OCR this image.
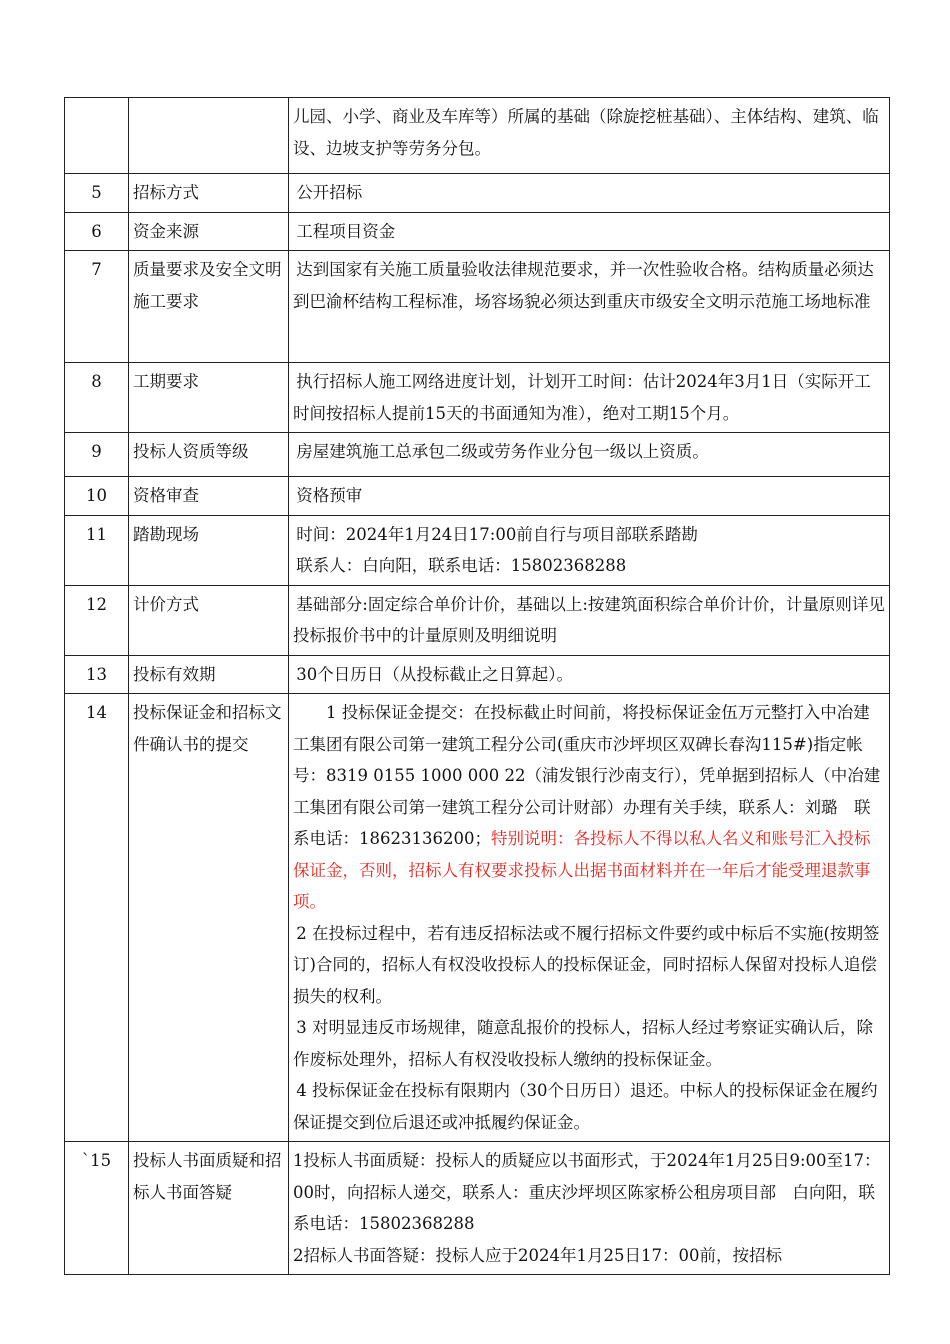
		儿园、小学、商业及车库等）所属的基础（除旋挖桩基础）、主体结构、建筑、临设、边坡支护等劳务分包。

5	招标方式	公开招标

6	资金来源	工程项目资金

7	质量要求及安全文明施工要求	达到国家有关施工质量验收法律规范要求，并一次性验收合格。结构质量必须达到巴渝杯结构工程标准，场容场貌必须达到重庆市级安全文明示范施工场地标准

8	工期要求	执行招标人施工网络进度计划，计划开工时间：估计2024年3月1日（实际开工时间按招标人提前15天的书面通知为准），绝对工期15个月。

9	投标人资质等级	房屋建筑施工总承包二级或劳务作业分包一级以上资质。

10	资格审查	资格预审

11	踏勘现场	时间：2024年1月24日17:00前自行与项目部联系踏勘

联系人：白向阳，联系电话：15802368288

12	计价方式	基础部分:固定综合单价计价，基础以上:按建筑面积综合单价计价，计量原则详见投标报价书中的计量原则及明细说明

13	投标有效期	30个日历日（从投标截止之日算起）。

14	投标保证金和招标文件确认书的提交	1 投标保证金提交：在投标截止时间前，将投标保证金伍万元整打入中冶建工集团有限公司第一建筑工程分公司(重庆市沙坪坝区双碑长春沟115#)指定帐号：8319 0155 1000 000 22（浦发银行沙南支行），凭单据到招标人（中冶建工集团有限公司第一建筑工程分公司计财部）办理有关手续，联系人：刘璐　联系电话：18623136200；特别说明：各投标人不得以私人名义和账号汇入投标保证金，否则，招标人有权要求投标人出据书面材料并在一年后才能受理退款事项。

2 在投标过程中，若有违反招标法或不履行招标文件要约或中标后不实施(按期签订)合同的，招标人有权没收投标人的投标保证金，同时招标人保留对投标人追偿损失的权利。

3 对明显违反市场规律，随意乱报价的投标人，招标人经过考察证实确认后，除作废标处理外，招标人有权没收投标人缴纳的投标保证金。

4 投标保证金在投标有限期内（30个日历日）退还。中标人的投标保证金在履约保证提交到位后退还或冲抵履约保证金。

`15	投标人书面质疑和招标人书面答疑	1投标人书面质疑：投标人的质疑应以书面形式，于2024年1月25日9:00至17：00时，向招标人递交，联系人：重庆沙坪坝区陈家桥公租房项目部　白向阳，联系电话：15802368288

2招标人书面答疑：投标人应于2024年1月25日17：00前，按招标
